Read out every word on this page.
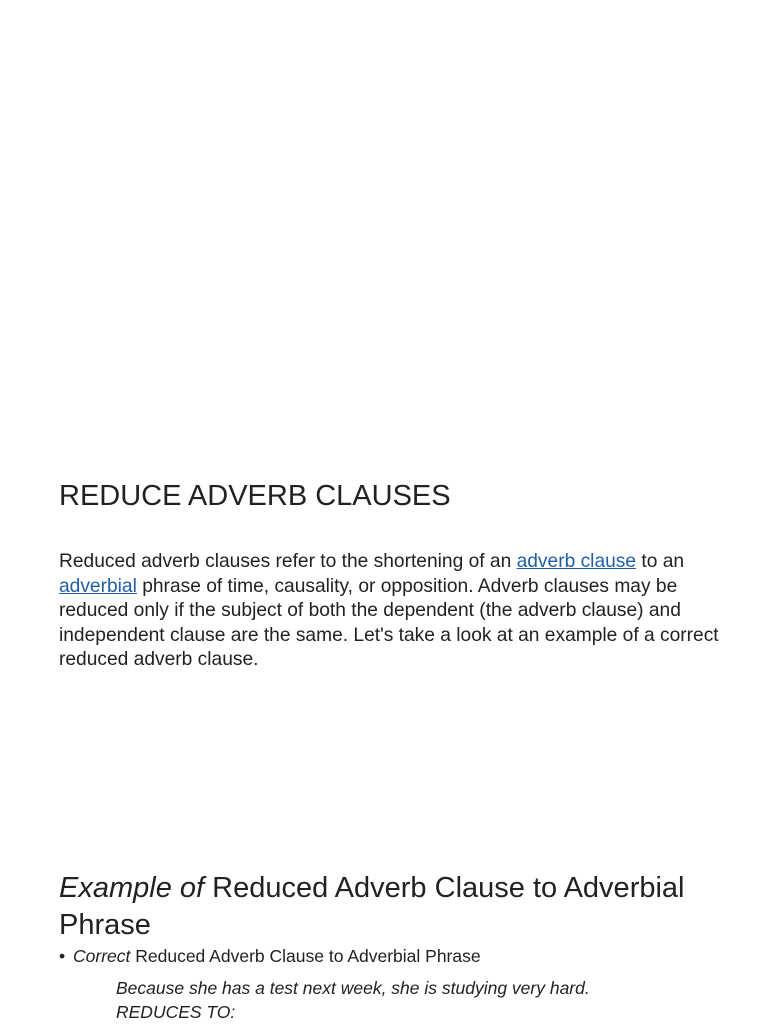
REDUCE ADVERB CLAUSES

Reduced adverb clauses refer to the shortening of an adverb clause to an adverbial phrase of time, causality, or opposition. Adverb clauses may be reduced only if the subject of both the dependent (the adverb clause) and independent clause are the same. Let's take a look at an example of a correct reduced adverb clause.

Example of Reduced Adverb Clause to Adverbial Phrase

• Correct Reduced Adverb Clause to Adverbial Phrase

Because she has a test next week, she is studying very hard.
REDUCES TO:
